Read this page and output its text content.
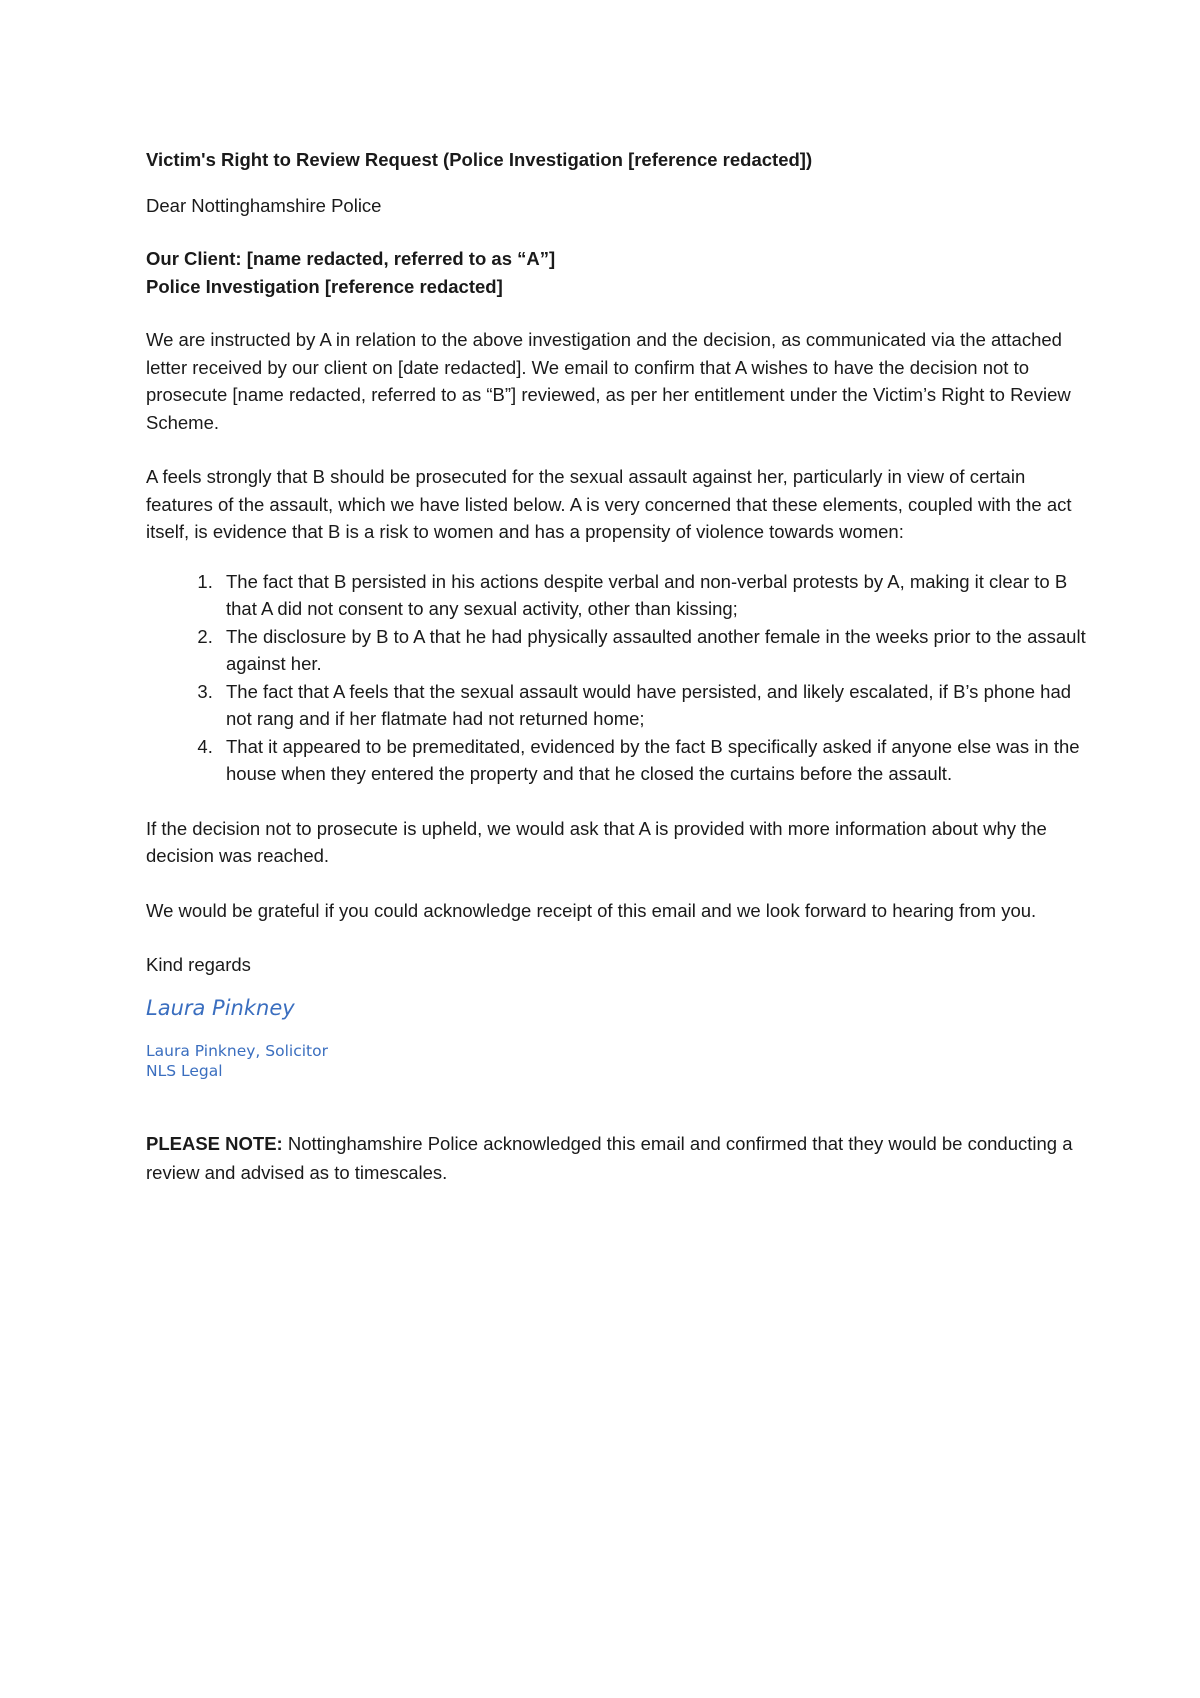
Victim's Right to Review Request (Police Investigation [reference redacted])

Dear Nottinghamshire Police

Our Client: [name redacted, referred to as “A”]
Police Investigation [reference redacted]

We are instructed by A in relation to the above investigation and the decision, as communicated via the attached letter received by our client on [date redacted]. We email to confirm that A wishes to have the decision not to prosecute [name redacted, referred to as “B”] reviewed, as per her entitlement under the Victim’s Right to Review Scheme.

A feels strongly that B should be prosecuted for the sexual assault against her, particularly in view of certain features of the assault, which we have listed below. A is very concerned that these elements, coupled with the act itself, is evidence that B is a risk to women and has a propensity of violence towards women:

1. The fact that B persisted in his actions despite verbal and non-verbal protests by A, making it clear to B that A did not consent to any sexual activity, other than kissing;
2. The disclosure by B to A that he had physically assaulted another female in the weeks prior to the assault against her.
3. The fact that A feels that the sexual assault would have persisted, and likely escalated, if B’s phone had not rang and if her flatmate had not returned home;
4. That it appeared to be premeditated, evidenced by the fact B specifically asked if anyone else was in the house when they entered the property and that he closed the curtains before the assault.

If the decision not to prosecute is upheld, we would ask that A is provided with more information about why the decision was reached.

We would be grateful if you could acknowledge receipt of this email and we look forward to hearing from you.

Kind regards

Laura Pinkney
Laura Pinkney, Solicitor
NLS Legal

PLEASE NOTE: Nottinghamshire Police acknowledged this email and confirmed that they would be conducting a review and advised as to timescales.
